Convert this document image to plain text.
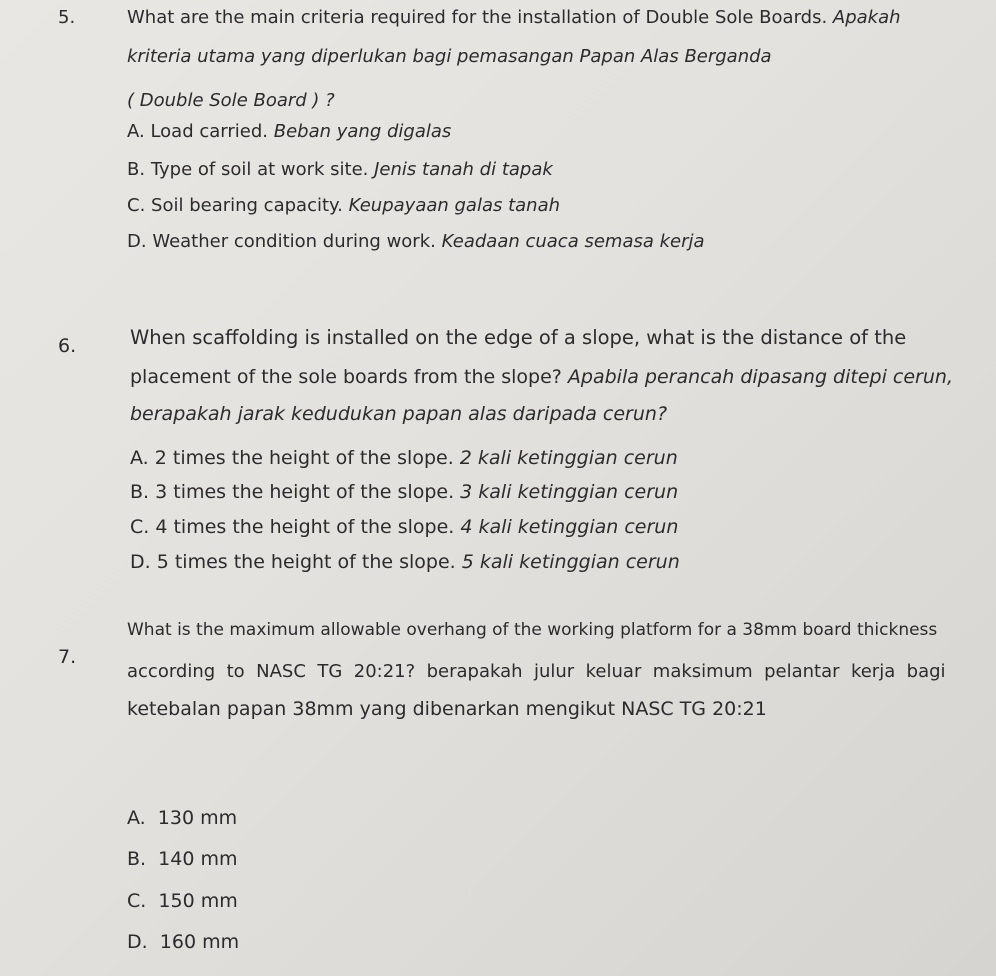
5.	What are the main criteria required for the installation of Double Sole Boards. Apakah
kriteria utama yang diperlukan bagi pemasangan Papan Alas Berganda
( Double Sole Board ) ?
A. Load carried. Beban yang digalas
B. Type of soil at work site. Jenis tanah di tapak
C. Soil bearing capacity. Keupayaan galas tanah
D. Weather condition during work. Keadaan cuaca semasa kerja
6.	When scaffolding is installed on the edge of a slope, what is the distance of the
placement of the sole boards from the slope? Apabila perancah dipasang ditepi cerun,
berapakah jarak kedudukan papan alas daripada cerun?
A. 2 times the height of the slope. 2 kali ketinggian cerun
B. 3 times the height of the slope. 3 kali ketinggian cerun
C. 4 times the height of the slope. 4 kali ketinggian cerun
D. 5 times the height of the slope. 5 kali ketinggian cerun
7.
What is the maximum allowable overhang of the working platform for a 38mm board thickness
according  to  NASC  TG  20:21?  berapakah  julur  keluar  maksimum  pelantar  kerja  bagi
ketebalan papan 38mm yang dibenarkan mengikut NASC TG 20:21
A. 130 mm
B. 140 mm
C. 150 mm
D. 160 mm
